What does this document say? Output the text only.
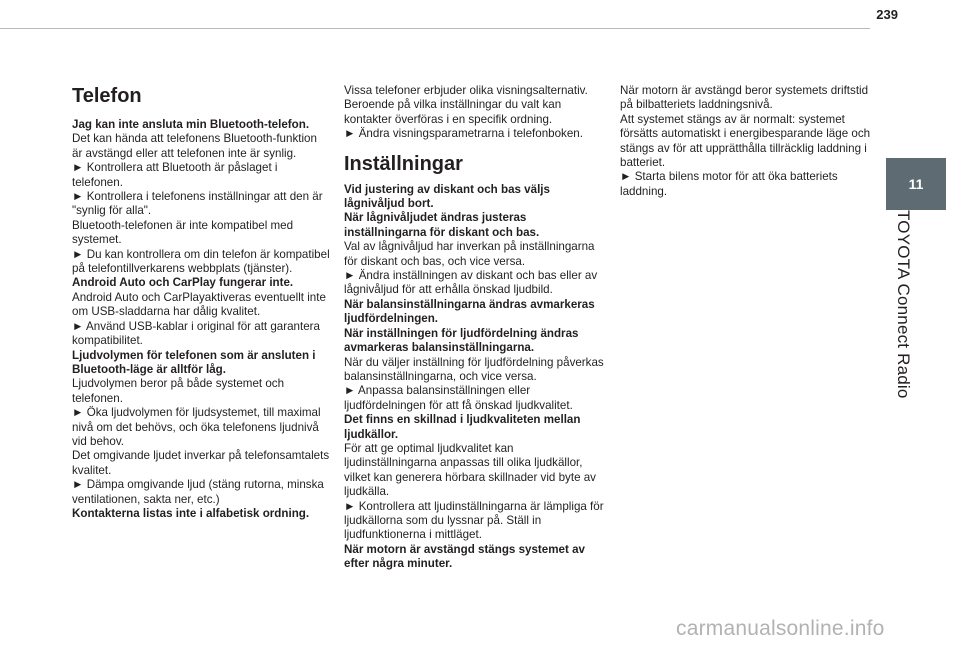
239
11
TOYOTA Connect Radio
Telefon

Jag kan inte ansluta min Bluetooth-telefon.

Det kan hända att telefonens Bluetooth-funktion är avstängd eller att telefonen inte är synlig.

► Kontrollera att Bluetooth är påslaget i telefonen.

► Kontrollera i telefonens inställningar att den är "synlig för alla".

Bluetooth-telefonen är inte kompatibel med systemet.

► Du kan kontrollera om din telefon är kompatibel på telefontillverkarens webbplats (tjänster).

Android Auto och CarPlay fungerar inte.

Android Auto och CarPlayaktiveras eventuellt inte om USB-sladdarna har dålig kvalitet.

► Använd USB-kablar i original för att garantera kompatibilitet.

Ljudvolymen för telefonen som är ansluten i Bluetooth-läge är alltför låg.

Ljudvolymen beror på både systemet och telefonen.

► Öka ljudvolymen för ljudsystemet, till maximal nivå om det behövs, och öka telefonens ljudnivå vid behov.

Det omgivande ljudet inverkar på telefonsamtalets kvalitet.

► Dämpa omgivande ljud (stäng rutorna, minska ventilationen, sakta ner, etc.)

Kontakterna listas inte i alfabetisk ordning.

Vissa telefoner erbjuder olika visningsalternativ. Beroende på vilka inställningar du valt kan kontakter överföras i en specifik ordning.

► Ändra visningsparametrarna i telefonboken.

Inställningar

Vid justering av diskant och bas väljs lågnivåljud bort.

När lågnivåljudet ändras justeras inställningarna för diskant och bas.

Val av lågnivåljud har inverkan på inställningarna för diskant och bas, och vice versa.

► Ändra inställningen av diskant och bas eller av lågnivåljud för att erhålla önskad ljudbild.

När balansinställningarna ändras avmarkeras ljudfördelningen.

När inställningen för ljudfördelning ändras avmarkeras balansinställningarna.

När du väljer inställning för ljudfördelning påverkas balansinställningarna, och vice versa.

► Anpassa balansinställningen eller ljudfördelningen för att få önskad ljudkvalitet.

Det finns en skillnad i ljudkvaliteten mellan ljudkällor.

För att ge optimal ljudkvalitet kan ljudinställningarna anpassas till olika ljudkällor, vilket kan generera hörbara skillnader vid byte av ljudkälla.

► Kontrollera att ljudinställningarna är lämpliga för ljudkällorna som du lyssnar på. Ställ in ljudfunktionerna i mittläget.

När motorn är avstängd stängs systemet av efter några minuter.

När motorn är avstängd beror systemets driftstid på bilbatteriets laddningsnivå.

Att systemet stängs av är normalt: systemet försätts automatiskt i energibesparande läge och stängs av för att upprätthålla tillräcklig laddning i batteriet.

► Starta bilens motor för att öka batteriets laddning.

carmanualsonline.info
